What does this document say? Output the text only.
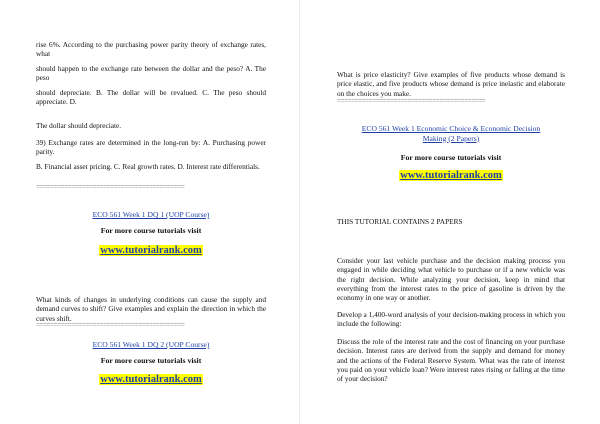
rise 6%. According to the purchasing power parity theory of exchange rates, what

should happen to the exchange rate between the dollar and the peso? A. The peso

should depreciate. B. The dollar will be revalued. C. The peso should appreciate. D.

The dollar should depreciate.

39) Exchange rates are determined in the long-run by: A. Purchasing power parity.

B. Financial asset pricing. C. Real growth rates. D. Interest rate differentials.

==========================================

ECO 561 Week 1 DQ 1 (UOP Course)

For more course tutorials visit

www.tutorialrank.com

What kinds of changes in underlying conditions can cause the supply and demand curves to shift? Give examples and explain the direction in which the curves shift.

==========================================

ECO 561 Week 1 DQ 2 (UOP Course)

For more course tutorials visit

www.tutorialrank.com

What is price elasticity? Give examples of five products whose demand is price elastic, and five products whose demand is price inelastic and elaborate on the choices you make.

==========================================

ECO 561 Week 1 Economic Choice & Economic Decision Making (2 Papers)

For more course tutorials visit

www.tutorialrank.com

THIS TUTORIAL CONTAINS 2 PAPERS

Consider your last vehicle purchase and the decision making process you engaged in while deciding what vehicle to purchase or if a new vehicle was the right decision. While analyzing your decision, keep in mind that everything from the interest rates to the price of gasoline is driven by the economy in one way or another.

Develop a 1,400-word analysis of your decision-making process in which you include the following:

Discuss the role of the interest rate and the cost of financing on your purchase decision. Interest rates are derived from the supply and demand for money and the actions of the Federal Reserve System. What was the rate of interest you paid on your vehicle loan? Were interest rates rising or falling at the time of your decision?
